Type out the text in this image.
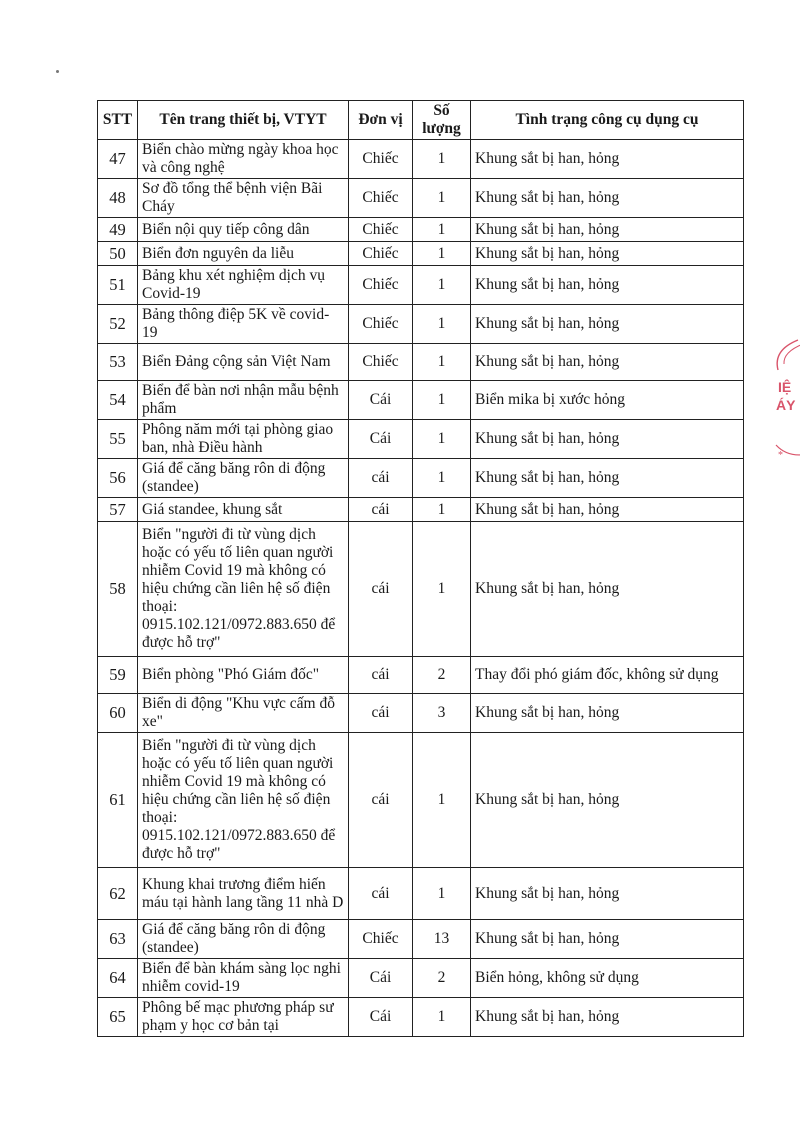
STT	Tên trang thiết bị, VTYT	Đơn vị	Số lượng	Tình trạng công cụ dụng cụ
47	Biển chào mừng ngày khoa học và công nghệ	Chiếc	1	Khung sắt bị han, hỏng
48	Sơ đồ tổng thể bệnh viện Bãi Cháy	Chiếc	1	Khung sắt bị han, hỏng
49	Biển nội quy tiếp công dân	Chiếc	1	Khung sắt bị han, hỏng
50	Biển đơn nguyên da liễu	Chiếc	1	Khung sắt bị han, hỏng
51	Bảng khu xét nghiệm dịch vụ Covid-19	Chiếc	1	Khung sắt bị han, hỏng
52	Bảng thông điệp 5K về covid-19	Chiếc	1	Khung sắt bị han, hỏng
53	Biển Đảng cộng sản Việt Nam	Chiếc	1	Khung sắt bị han, hỏng
54	Biển để bàn nơi nhận mẫu bệnh phẩm	Cái	1	Biển mika bị xước hỏng
55	Phông năm mới tại phòng giao ban, nhà Điều hành	Cái	1	Khung sắt bị han, hỏng
56	Giá để căng băng rôn di động (standee)	cái	1	Khung sắt bị han, hỏng
57	Giá standee, khung sắt	cái	1	Khung sắt bị han, hỏng
58	Biển "người đi từ vùng dịch hoặc có yếu tố liên quan người nhiễm Covid 19 mà không có hiệu chứng cần liên hệ số điện thoại: 0915.102.121/0972.883.650 để được hỗ trợ"	cái	1	Khung sắt bị han, hỏng
59	Biển phòng "Phó Giám đốc"	cái	2	Thay đổi phó giám đốc, không sử dụng
60	Biển di động "Khu vực cấm đỗ xe"	cái	3	Khung sắt bị han, hỏng
61	Biển "người đi từ vùng dịch hoặc có yếu tố liên quan người nhiễm Covid 19 mà không có hiệu chứng cần liên hệ số điện thoại: 0915.102.121/0972.883.650 để được hỗ trợ"	cái	1	Khung sắt bị han, hỏng
62	Khung khai trương điểm hiến máu tại hành lang tầng 11 nhà D	cái	1	Khung sắt bị han, hỏng
63	Giá để căng băng rôn di động (standee)	Chiếc	13	Khung sắt bị han, hỏng
64	Biển để bàn khám sàng lọc nghi nhiễm covid-19	Cái	2	Biển hỏng, không sử dụng
65	Phông bế mạc phương pháp sư phạm y học cơ bản tại	Cái	1	Khung sắt bị han, hỏng
IỆ
ÁY
*
